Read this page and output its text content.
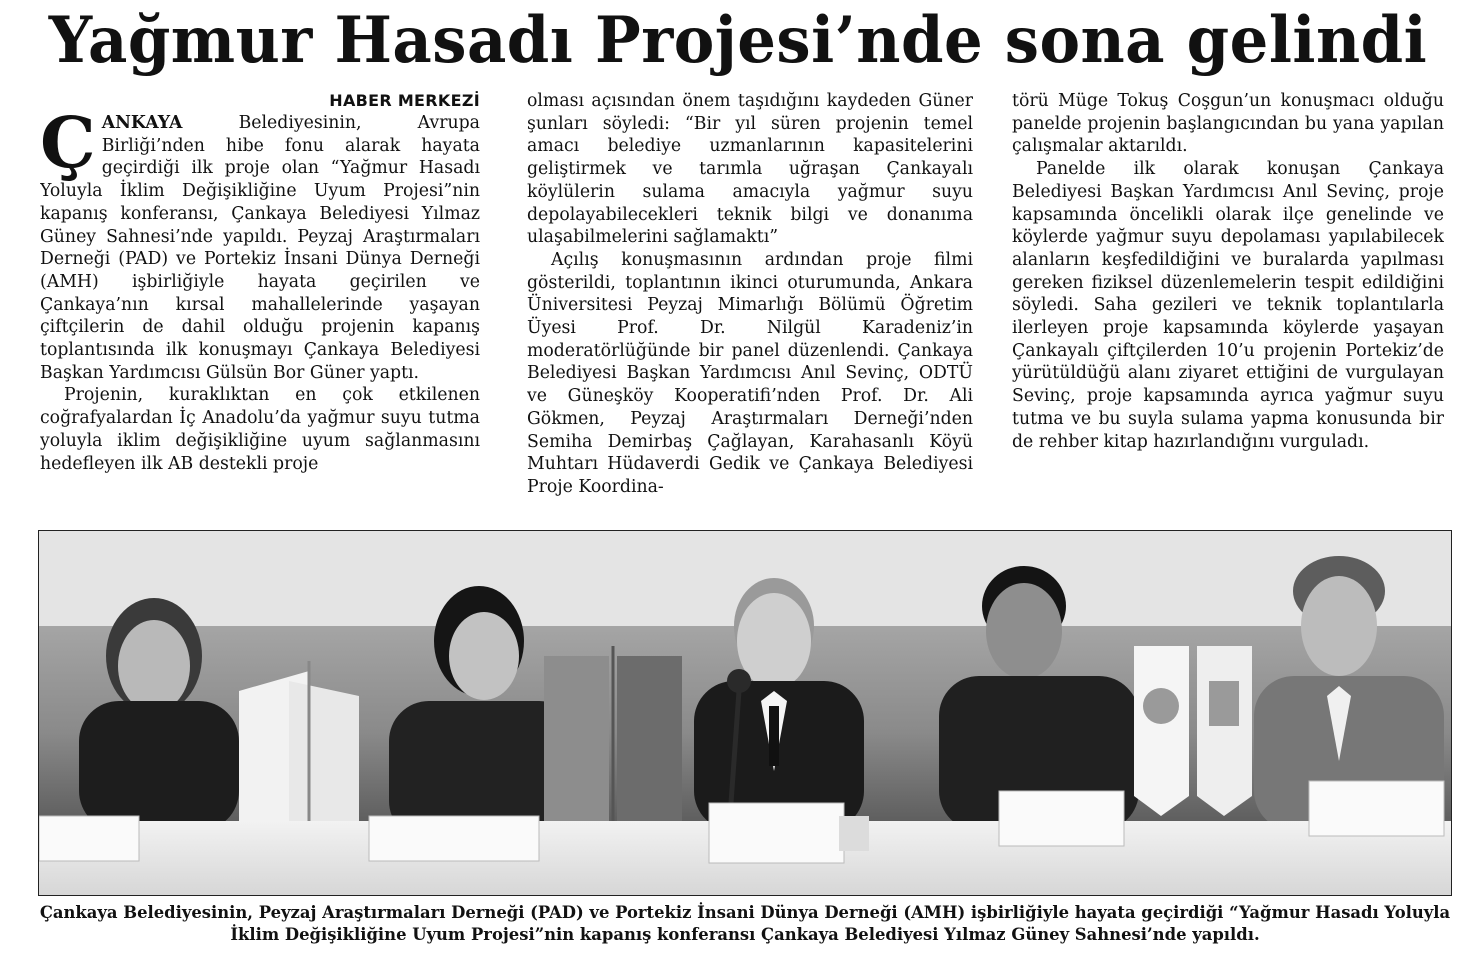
Yağmur Hasadı Projesi’nde sona gelindi
HABER MERKEZİ

ÇANKAYA Belediyesinin, Avrupa Birliği’nden hibe fonu alarak hayata geçirdiği ilk proje olan “Yağmur Hasadı Yoluyla İklim Değişikliğine Uyum Projesi”nin kapanış konferansı, Çankaya Belediyesi Yılmaz Güney Sahnesi’nde yapıldı. Peyzaj Araştırmaları Derneği (PAD) ve Portekiz İnsani Dünya Derneği (AMH) işbirliğiyle hayata geçirilen ve Çankaya’nın kırsal mahallelerinde yaşayan çiftçilerin de dahil olduğu projenin kapanış toplantısında ilk konuşmayı Çankaya Belediyesi Başkan Yardımcısı Gülsün Bor Güner yaptı.

Projenin, kuraklıktan en çok etkilenen coğrafyalardan İç Anadolu’da yağmur suyu tutma yoluyla iklim değişikliğine uyum sağlanmasını hedefleyen ilk AB destekli proje

olması açısından önem taşıdığını kaydeden Güner şunları söyledi: “Bir yıl süren projenin temel amacı belediye uzmanlarının kapasitelerini geliştirmek ve tarımla uğraşan Çankayalı köylülerin sulama amacıyla yağmur suyu depolayabilecekleri teknik bilgi ve donanıma ulaşabilmelerini sağlamaktı”

Açılış konuşmasının ardından proje filmi gösterildi, toplantının ikinci oturumunda, Ankara Üniversitesi Peyzaj Mimarlığı Bölümü Öğretim Üyesi Prof. Dr. Nilgül Karadeniz’in moderatörlüğünde bir panel düzenlendi. Çankaya Belediyesi Başkan Yardımcısı Anıl Sevinç, ODTÜ ve Güneşköy Kooperatifi’nden Prof. Dr. Ali Gökmen, Peyzaj Araştırmaları Derneği’nden Semiha Demirbaş Çağlayan, Karahasanlı Köyü Muhtarı Hüdaverdi Gedik ve Çankaya Belediyesi Proje Koordina-

törü Müge Tokuş Coşgun’un konuşmacı olduğu panelde projenin başlangıcından bu yana yapılan çalışmalar aktarıldı.

Panelde ilk olarak konuşan Çankaya Belediyesi Başkan Yardımcısı Anıl Sevinç, proje kapsamında öncelikli olarak ilçe genelinde ve köylerde yağmur suyu depolaması yapılabilecek alanların keşfedildiğini ve buralarda yapılması gereken fiziksel düzenlemelerin tespit edildiğini söyledi. Saha gezileri ve teknik toplantılarla ilerleyen proje kapsamında köylerde yaşayan Çankayalı çiftçilerden 10’u projenin Portekiz’de yürütüldüğü alanı ziyaret ettiğini de vurgulayan Sevinç, proje kapsamında ayrıca yağmur suyu tutma ve bu suyla sulama yapma konusunda bir de rehber kitap hazırlandığını vurguladı.

Çankaya Belediyesinin, Peyzaj Araştırmaları Derneği (PAD) ve Portekiz İnsani Dünya Derneği (AMH) işbirliğiyle hayata geçirdiği “Yağmur Hasadı Yoluyla İklim Değişikliğine Uyum Projesi”nin kapanış konferansı Çankaya Belediyesi Yılmaz Güney Sahnesi’nde yapıldı.
